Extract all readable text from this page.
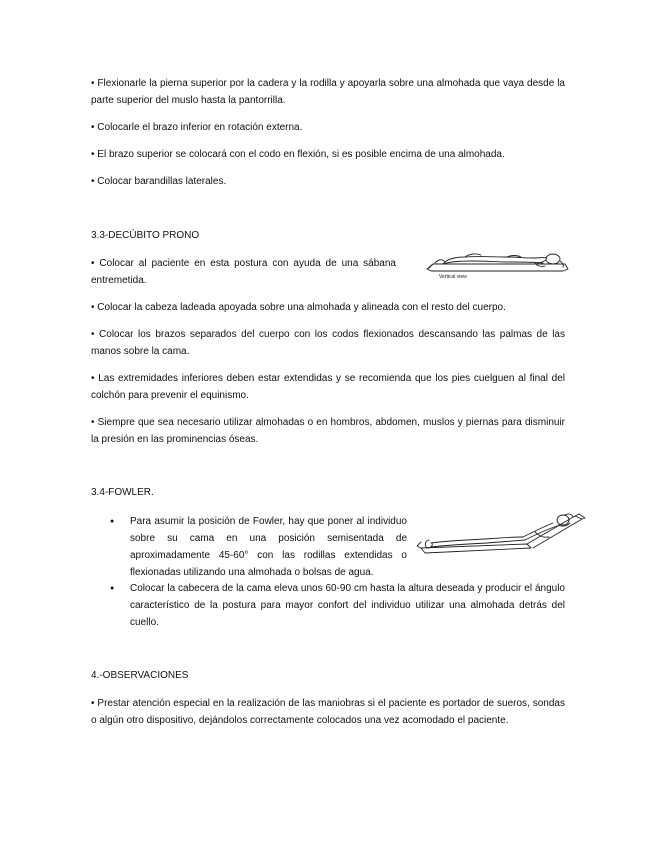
• Flexionarle la pierna superior por la cadera y la rodilla y apoyarla sobre una almohada que vaya desde la parte superior del muslo hasta la pantorrilla.

• Colocarle el brazo inferior en rotación externa.

• El brazo superior se colocará con el codo en flexión, si es posible encima de una almohada.

• Colocar barandillas laterales.

3.3-DECÚBITO PRONO

• Colocar al paciente en esta postura con ayuda de una sábana entremetida.	Vertical view

• Colocar la cabeza ladeada apoyada sobre una almohada y alineada con el resto del cuerpo.

• Colocar los brazos separados del cuerpo con los codos flexionados descansando las palmas de las manos sobre la cama.

• Las extremidades inferiores deben estar extendidas y se recomienda que los pies cuelguen al final del colchón para prevenir el equinismo.

• Siempre que sea necesario utilizar almohadas o en hombros, abdomen, muslos y piernas para disminuir la presión en las prominencias óseas.

3.4-FOWLER.

● Para asumir la posición de Fowler, hay que poner al individuo sobre su cama en una posición semisentada de aproximadamente 45-60° con las rodillas extendidas o flexionadas utilizando una almohada o bolsas de agua.

● Colocar la cabecera de la cama eleva unos 60-90 cm hasta la altura deseada y producir el ángulo característico de la postura para mayor confort del individuo utilizar una almohada detrás del cuello.

4.-OBSERVACIONES

• Prestar atención especial en la realización de las maniobras si el paciente es portador de sueros, sondas o algún otro dispositivo, dejándolos correctamente colocados una vez acomodado el paciente.
